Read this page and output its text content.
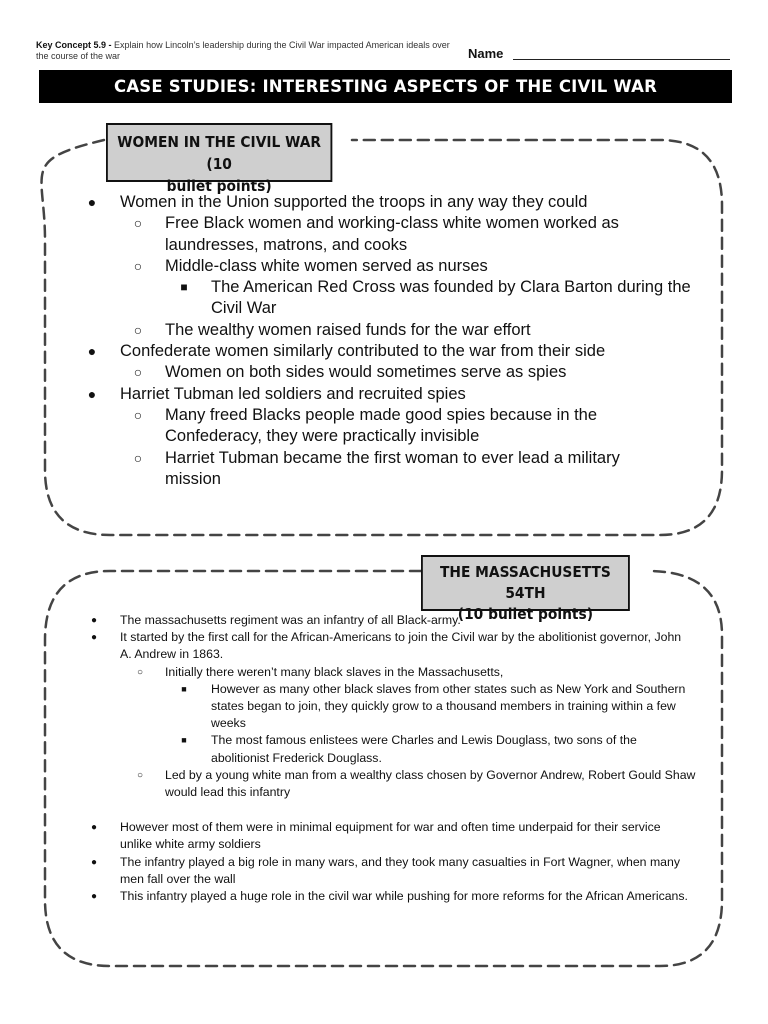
Key Concept 5.9 - Explain how Lincoln’s leadership during the Civil War impacted American ideals over the course of the war	Name
CASE STUDIES: INTERESTING ASPECTS OF THE CIVIL WAR
WOMEN IN THE CIVIL WAR (10
bullet points)
● Women in the Union supported the troops in any way they could
○ Free Black women and working-class white women worked as laundresses, matrons, and cooks
○ Middle-class white women served as nurses
■ The American Red Cross was founded by Clara Barton during the Civil War
○ The wealthy women raised funds for the war effort
● Confederate women similarly contributed to the war from their side
○ Women on both sides would sometimes serve as spies
● Harriet Tubman led soldiers and recruited spies
○ Many freed Blacks people made good spies because in the Confederacy, they were practically invisible
○ Harriet Tubman became the first woman to ever lead a military mission
THE MASSACHUSETTS 54TH
(10 bullet points)
●	The massachusetts regiment was an infantry of all Black-army.
●	It started by the first call for the African-Americans to join the Civil war by the abolitionist governor, John A. Andrew in 1863.
○	Initially there weren’t many black slaves in the Massachusetts,
■	However as many other black slaves from other states such as New York and Southern states began to join, they quickly grow to a thousand members in training within a few weeks
■	The most famous enlistees were Charles and Lewis Douglass, two sons of the abolitionist Frederick Douglass.
○	Led by a young white man from a wealthy class chosen by Governor Andrew, Robert Gould Shaw would lead this infantry
●	However most of them were in minimal equipment for war and often time underpaid for their service unlike white army soldiers
●	The infantry played a big role in many wars, and they took many casualties in Fort Wagner, when many men fall over the wall
●	This infantry played a huge role in the civil war while pushing for more reforms for the African Americans.
